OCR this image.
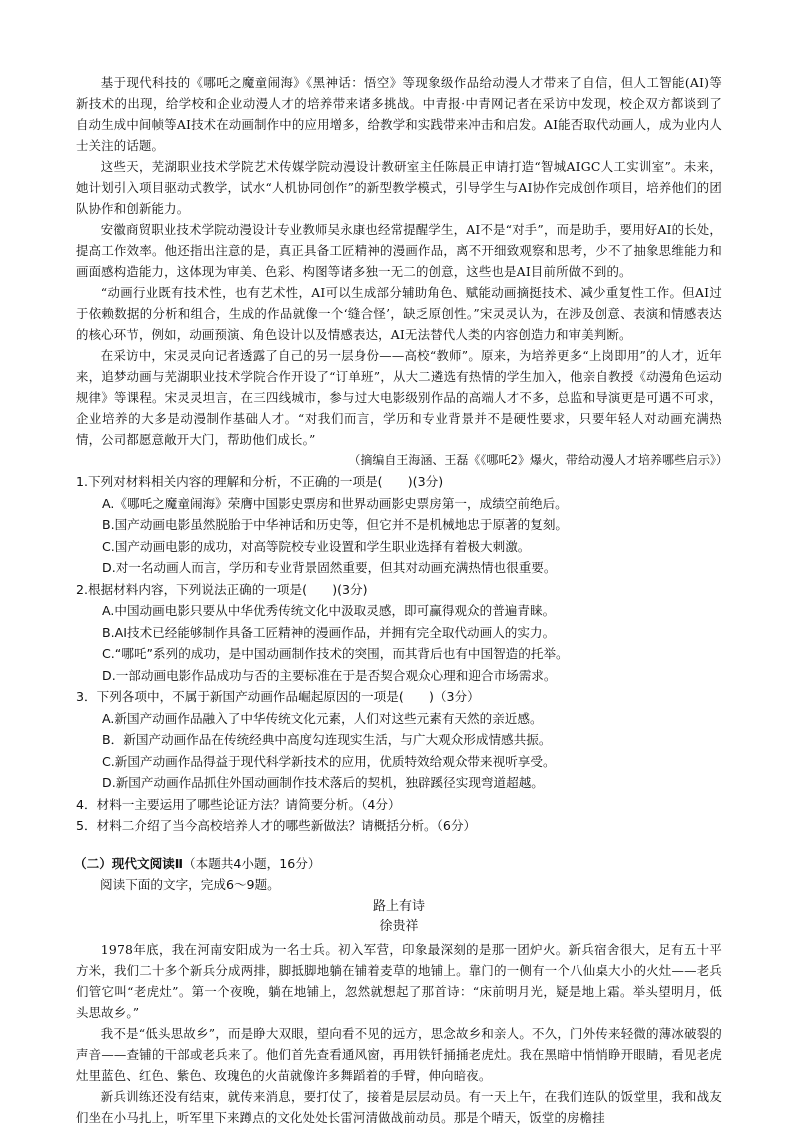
基于现代科技的《哪吒之魔童闹海》《黑神话：悟空》等现象级作品给动漫人才带来了自信，但人工智能(AI)等新技术的出现，给学校和企业动漫人才的培养带来诸多挑战。中青报·中青网记者在采访中发现，校企双方都谈到了自动生成中间帧等AI技术在动画制作中的应用增多，给教学和实践带来冲击和启发。AI能否取代动画人，成为业内人士关注的话题。

这些天，芜湖职业技术学院艺术传媒学院动漫设计教研室主任陈晨正申请打造“智城AIGC人工实训室”。未来，她计划引入项目驱动式教学，试水“人机协同创作”的新型教学模式，引导学生与AI协作完成创作项目，培养他们的团队协作和创新能力。

安徽商贸职业技术学院动漫设计专业教师吴永康也经常提醒学生，AI不是“对手”，而是助手，要用好AI的长处，提高工作效率。他还指出注意的是，真正具备工匠精神的漫画作品，离不开细致观察和思考，少不了抽象思维能力和画面感构造能力，这体现为审美、色彩、构图等诸多独一无二的创意，这些也是AI目前所做不到的。

“动画行业既有技术性，也有艺术性，AI可以生成部分辅助角色、赋能动画摘挺技术、减少重复性工作。但AI过于依赖数据的分析和组合，生成的作品就像一个‘缝合怪’，缺乏原创性。”宋灵灵认为，在涉及创意、表演和情感表达的核心环节，例如，动画预演、角色设计以及情感表达，AI无法替代人类的内容创造力和审美判断。

在采访中，宋灵灵向记者透露了自己的另一层身份——高校“教师”。原来，为培养更多“上岗即用”的人才，近年来，追梦动画与芜湖职业技术学院合作开设了“订单班”，从大二遴选有热情的学生加入，他亲自教授《动漫角色运动规律》等课程。宋灵灵坦言，在三四线城市，参与过大电影级别作品的高端人才不多，总监和导演更是可遇不可求，企业培养的大多是动漫制作基础人才。“对我们而言，学历和专业背景并不是硬性要求，只要年轻人对动画充满热情，公司都愿意敞开大门，帮助他们成长。”

（摘编自王海涵、王磊《《哪吒2》爆火，带给动漫人才培养哪些启示》）

1.下列对材料相关内容的理解和分析，不正确的一项是(　　)(3分)

A.《哪吒之魔童闹海》荣膺中国影史票房和世界动画影史票房第一，成绩空前绝后。

B.国产动画电影虽然脱胎于中华神话和历史等，但它并不是机械地忠于原著的复刻。

C.国产动画电影的成功，对高等院校专业设置和学生职业选择有着极大刺激。

D.对一名动画人而言，学历和专业背景固然重要，但其对动画充满热情也很重要。

2.根据材料内容，下列说法正确的一项是(　　)(3分)

A.中国动画电影只要从中华优秀传统文化中汲取灵感，即可赢得观众的普遍青睐。

B.AI技术已经能够制作具备工匠精神的漫画作品，并拥有完全取代动画人的实力。

C.“哪吒”系列的成功，是中国动画制作技术的突围，而其背后也有中国智造的托举。

D.一部动画电影作品成功与否的主要标准在于是否契合观众心理和迎合市场需求。

3．下列各项中，不属于新国产动画作品崛起原因的一项是(　　)（3分）

A.新国产动画作品融入了中华传统文化元素，人们对这些元素有天然的亲近感。

B．新国产动画作品在传统经典中高度勾连现实生活，与广大观众形成情感共振。

C.新国产动画作品得益于现代科学新技术的应用，优质特效给观众带来视听享受。

D.新国产动画作品抓住外国动画制作技术落后的契机，独辟蹊径实现弯道超越。

4．材料一主要运用了哪些论证方法？请简要分析。（4分）

5．材料二介绍了当今高校培养人才的哪些新做法？请概括分析。（6分）

（二）现代文阅读Ⅱ（本题共4小题，16分）

阅读下面的文字，完成6～9题。

路上有诗

徐贵祥

1978年底，我在河南安阳成为一名士兵。初入军营，印象最深刻的是那一团炉火。新兵宿舍很大，足有五十平方米，我们二十多个新兵分成两排，脚抵脚地躺在铺着麦草的地铺上。靠门的一侧有一个八仙桌大小的火灶——老兵们管它叫“老虎灶”。第一个夜晚，躺在地铺上，忽然就想起了那首诗：“床前明月光，疑是地上霜。举头望明月，低头思故乡。”

我不是“低头思故乡”，而是睁大双眼，望向看不见的远方，思念故乡和亲人。不久，门外传来轻微的薄冰破裂的声音——查铺的干部或老兵来了。他们首先查看通风窗，再用铁钎捅捅老虎灶。我在黑暗中悄悄睁开眼睛，看见老虎灶里蓝色、红色、紫色、玫瑰色的火苗就像许多舞蹈着的手臂，伸向暗夜。

新兵训练还没有结束，就传来消息，要打仗了，接着是层层动员。有一天上午，在我们连队的饭堂里，我和战友们坐在小马扎上，听军里下来蹲点的文化处处长雷河清做战前动员。那是个晴天，饭堂的房檐挂
